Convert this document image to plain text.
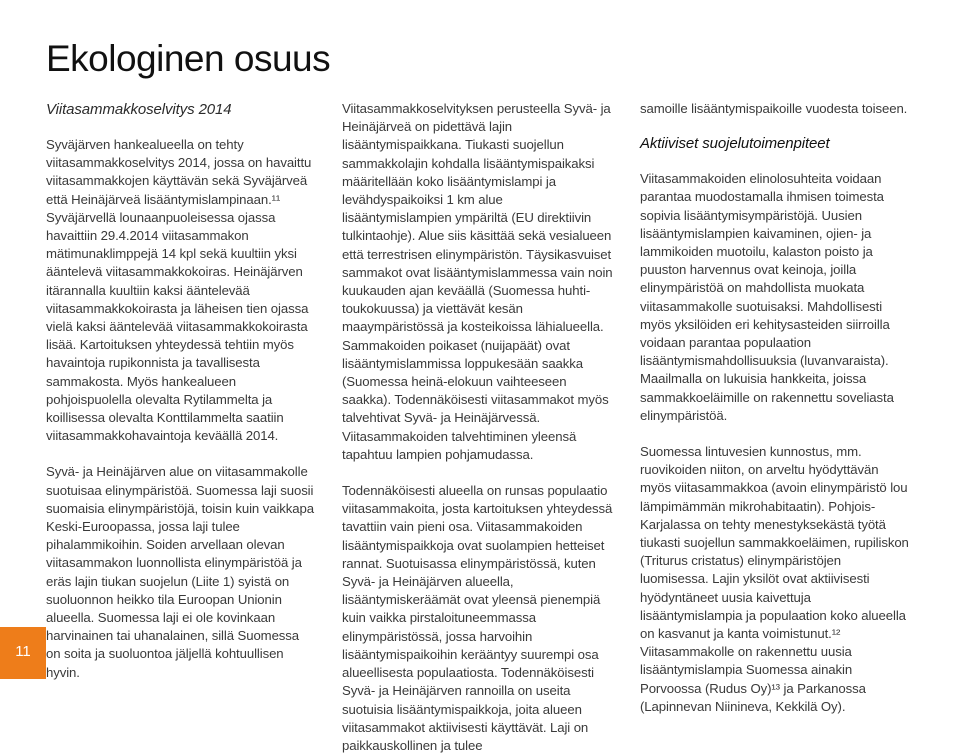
Ekologinen osuus
Viitasammakkoselvitys 2014

Syväjärven hankealueella on tehty viitasammakkoselvitys 2014, jossa on havaittu viitasammakkojen käyttävän sekä Syväjärveä että Heinäjärveä lisääntymislampinaan.¹¹ Syväjärvellä lounaanpuoleisessa ojassa havaittiin 29.4.2014 viitasammakon mätimunaklimppejä 14 kpl sekä kuultiin yksi ääntelevä viitasammakkokoiras. Heinäjärven itärannalla kuultiin kaksi ääntelevää viitasammakkokoirasta ja läheisen tien ojassa vielä kaksi ääntelevää viitasammakkokoirasta lisää. Kartoituksen yhteydessä tehtiin myös havaintoja rupikonnista ja tavallisesta sammakosta. Myös hankealueen pohjoispuolella olevalta Rytilammelta ja koillisessa olevalta Konttilammelta saatiin viitasammakkohavaintoja keväällä 2014.

Syvä- ja Heinäjärven alue on viitasammakolle suotuisaa elinympäristöä. Suomessa laji suosii suomaisia elinympäristöjä, toisin kuin vaikkapa Keski-Euroopassa, jossa laji tulee pihalammikoihin. Soiden arvellaan olevan viitasammakon luonnollista elinympäristöä ja eräs lajin tiukan suojelun (Liite 1) syistä on suoluonnon heikko tila Euroopan Unionin alueella. Suomessa laji ei ole kovinkaan harvinainen tai uhanalainen, sillä Suomessa on soita ja suoluontoa jäljellä kohtuullisen hyvin.

Viitasammakkoselvityksen perusteella Syvä- ja Heinäjärveä on pidettävä lajin lisääntymispaikkana. Tiukasti suojellun sammakkolajin kohdalla lisääntymispaikaksi määritellään koko lisääntymislampi ja levähdyspaikoiksi 1 km alue lisääntymislampien ympäriltä (EU direktiivin tulkintaohje). Alue siis käsittää sekä vesialueen että terrestrisen elinympäristön. Täysikasvuiset sammakot ovat lisääntymislammessa vain noin kuukauden ajan keväällä (Suomessa huhti-toukokuussa) ja viettävät kesän maaympäristössä ja kosteikoissa lähialueella. Sammakoiden poikaset (nuijapäät) ovat lisääntymislammissa loppukesään saakka (Suomessa heinä-elokuun vaihteeseen saakka). Todennäköisesti viitasammakot myös talvehtivat Syvä- ja Heinäjärvessä. Viitasammakoiden talvehtiminen yleensä tapahtuu lampien pohjamudassa.

Todennäköisesti alueella on runsas populaatio viitasammakoita, josta kartoituksen yhteydessä tavattiin vain pieni osa. Viitasammakoiden lisääntymispaikkoja ovat suolampien hetteiset rannat. Suotuisassa elinympäristössä, kuten Syvä- ja Heinäjärven alueella, lisääntymiskeräämät ovat yleensä pienempiä kuin vaikka pirstaloituneemmassa elinympäristössä, jossa harvoihin lisääntymispaikoihin kerääntyy suurempi osa alueellisesta populaatiosta. Todennäköisesti Syvä- ja Heinäjärven rannoilla on useita suotuisia lisääntymispaikkoja, joita alueen viitasammakot aktiivisesti käyttävät. Laji on paikkauskollinen ja tulee

samoille lisääntymispaikoille vuodesta toiseen.

Aktiiviset suojelutoimenpiteet

Viitasammakoiden elinolosuhteita voidaan parantaa muodostamalla ihmisen toimesta sopivia lisääntymisympäristöjä. Uusien lisääntymislampien kaivaminen, ojien- ja lammikoiden muotoilu, kalaston poisto ja puuston harvennus ovat keinoja, joilla elinympäristöä on mahdollista muokata viitasammakolle suotuisaksi. Mahdollisesti myös yksilöiden eri kehitysasteiden siirroilla voidaan parantaa populaation lisääntymismahdollisuuksia (luvanvaraista). Maailmalla on lukuisia hankkeita, joissa sammakkoeläimille on rakennettu soveliasta elinympäristöä.

Suomessa lintuvesien kunnostus, mm. ruovikoiden niiton, on arveltu hyödyttävän myös viitasammakkoa (avoin elinympäristö lou lämpimämmän mikrohabitaatin). Pohjois-Karjalassa on tehty menestyksekästä työtä tiukasti suojellun sammakkoeläimen, rupiliskon (Triturus cristatus) elinympäristöjen luomisessa. Lajin yksilöt ovat aktiivisesti hyödyntäneet uusia kaivettuja lisääntymislampia ja populaation koko alueella on kasvanut ja kanta voimistunut.¹² Viitasammakolle on rakennettu uusia lisääntymislampia Suomessa ainakin Porvoossa (Rudus Oy)¹³ ja Parkanossa (Lapinnevan Niinineva, Kekkilä Oy).

11
